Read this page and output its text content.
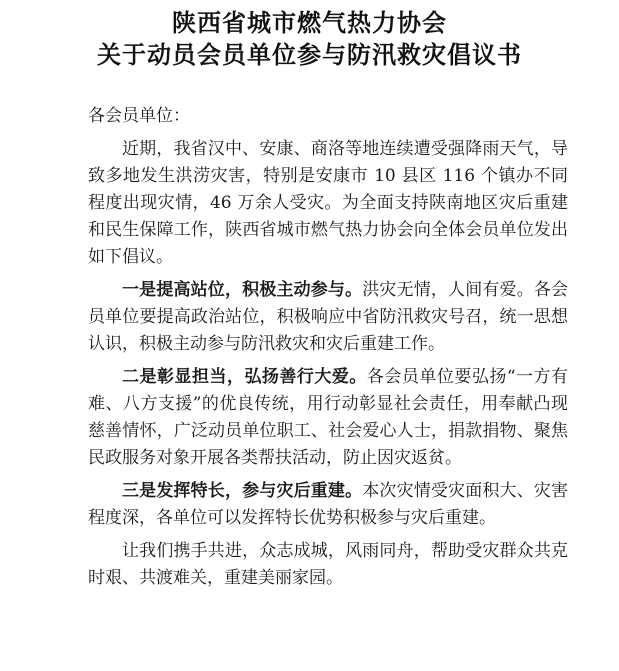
陕西省城市燃气热力协会
关于动员会员单位参与防汛救灾倡议书

各会员单位：

近期，我省汉中、安康、商洛等地连续遭受强降雨天气，导致多地发生洪涝灾害，特别是安康市 10 县区 116 个镇办不同程度出现灾情，46 万余人受灾。为全面支持陕南地区灾后重建和民生保障工作，陕西省城市燃气热力协会向全体会员单位发出如下倡议。

一是提高站位，积极主动参与。洪灾无情，人间有爱。各会员单位要提高政治站位，积极响应中省防汛救灾号召，统一思想认识，积极主动参与防汛救灾和灾后重建工作。

二是彰显担当，弘扬善行大爱。各会员单位要弘扬“一方有难、八方支援”的优良传统，用行动彰显社会责任，用奉献凸现慈善情怀，广泛动员单位职工、社会爱心人士，捐款捐物、聚焦民政服务对象开展各类帮扶活动，防止因灾返贫。

三是发挥特长，参与灾后重建。本次灾情受灾面积大、灾害程度深，各单位可以发挥特长优势积极参与灾后重建。

让我们携手共进，众志成城，风雨同舟，帮助受灾群众共克时艰、共渡难关，重建美丽家园。
